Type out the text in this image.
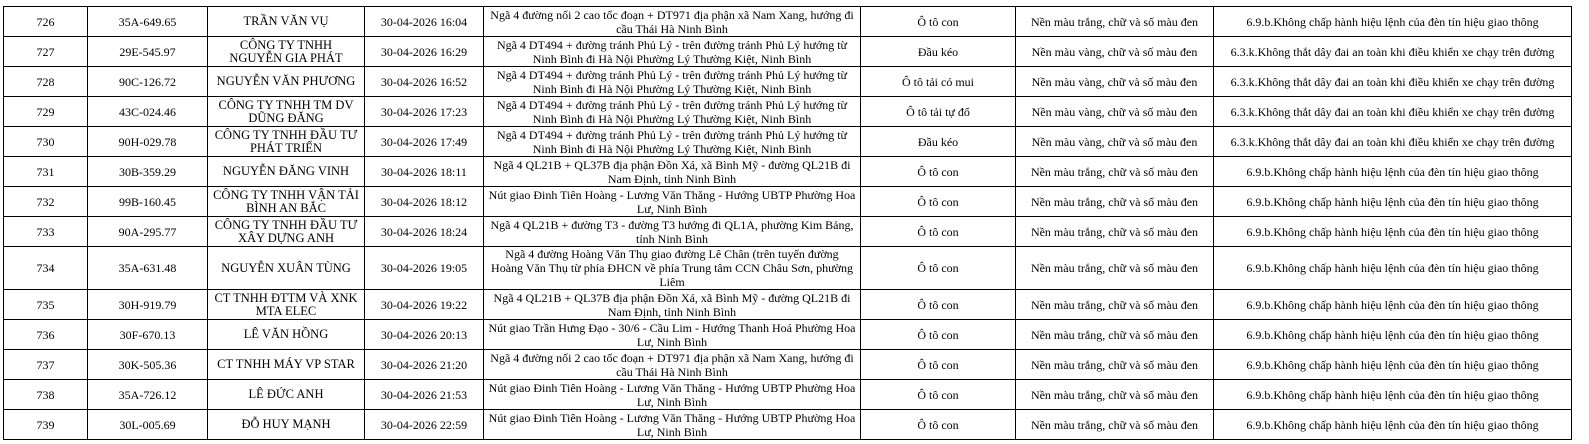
726	35A-649.65	TRẦN VĂN VỤ	30-04-2026 16:04	Ngã 4 đường nối 2 cao tốc đoạn + DT971 địa phận xã Nam Xang, hướng đi cầu Thái Hà Ninh Bình	Ô tô con	Nền màu trắng, chữ và số màu đen	6.9.b.Không chấp hành hiệu lệnh của đèn tín hiệu giao thông
727	29E-545.97	CÔNG TY TNHH NGUYỄN GIA PHÁT	30-04-2026 16:29	Ngã 4 DT494 + đường tránh Phủ Lý - trên đường tránh Phủ Lý hướng từ Ninh Bình đi Hà Nội Phường Lý Thường Kiệt, Ninh Bình	Đầu kéo	Nền màu vàng, chữ và số màu đen	6.3.k.Không thắt dây đai an toàn khi điều khiển xe chạy trên đường
728	90C-126.72	NGUYỄN VĂN PHƯƠNG	30-04-2026 16:52	Ngã 4 DT494 + đường tránh Phủ Lý - trên đường tránh Phủ Lý hướng từ Ninh Bình đi Hà Nội Phường Lý Thường Kiệt, Ninh Bình	Ô tô tải có mui	Nền màu vàng, chữ và số màu đen	6.3.k.Không thắt dây đai an toàn khi điều khiển xe chạy trên đường
729	43C-024.46	CÔNG TY TNHH TM DV DŨNG ĐĂNG	30-04-2026 17:23	Ngã 4 DT494 + đường tránh Phủ Lý - trên đường tránh Phủ Lý hướng từ Ninh Bình đi Hà Nội Phường Lý Thường Kiệt, Ninh Bình	Ô tô tải tự đổ	Nền màu vàng, chữ và số màu đen	6.3.k.Không thắt dây đai an toàn khi điều khiển xe chạy trên đường
730	90H-029.78	CÔNG TY TNHH ĐẦU TƯ PHÁT TRIỂN	30-04-2026 17:49	Ngã 4 DT494 + đường tránh Phủ Lý - trên đường tránh Phủ Lý hướng từ Ninh Bình đi Hà Nội Phường Lý Thường Kiệt, Ninh Bình	Đầu kéo	Nền màu vàng, chữ và số màu đen	6.3.k.Không thắt dây đai an toàn khi điều khiển xe chạy trên đường
731	30B-359.29	NGUYỄN ĐĂNG VINH	30-04-2026 18:11	Ngã 4 QL21B + QL37B địa phận Đồn Xá, xã Bình Mỹ - đường QL21B đi Nam Định, tỉnh Ninh Bình	Ô tô con	Nền màu trắng, chữ và số màu đen	6.9.b.Không chấp hành hiệu lệnh của đèn tín hiệu giao thông
732	99B-160.45	CÔNG TY TNHH VẬN TẢI BÌNH AN BẮC	30-04-2026 18:12	Nút giao Đinh Tiên Hoàng - Lương Văn Thăng - Hướng UBTP Phường Hoa Lư, Ninh Bình	Ô tô con	Nền màu trắng, chữ và số màu đen	6.9.b.Không chấp hành hiệu lệnh của đèn tín hiệu giao thông
733	90A-295.77	CÔNG TY TNHH ĐẦU TƯ XÂY DỰNG ANH	30-04-2026 18:24	Ngã 4 QL21B + đường T3 - đường T3 hướng đi QL1A, phường Kim Bảng, tỉnh Ninh Bình	Ô tô con	Nền màu trắng, chữ và số màu đen	6.9.b.Không chấp hành hiệu lệnh của đèn tín hiệu giao thông
734	35A-631.48	NGUYỄN XUÂN TÙNG	30-04-2026 19:05	Ngã 4 đường Hoàng Văn Thụ giao đường Lê Chân (trên tuyến đường Hoàng Văn Thụ từ phía ĐHCN về phía Trung tâm CCN Châu Sơn, phường Liêm	Ô tô con	Nền màu trắng, chữ và số màu đen	6.9.b.Không chấp hành hiệu lệnh của đèn tín hiệu giao thông
735	30H-919.79	CT TNHH ĐTTM VÀ XNK MTA ELEC	30-04-2026 19:22	Ngã 4 QL21B + QL37B địa phận Đồn Xá, xã Bình Mỹ - đường QL21B đi Nam Định, tỉnh Ninh Bình	Ô tô con	Nền màu trắng, chữ và số màu đen	6.9.b.Không chấp hành hiệu lệnh của đèn tín hiệu giao thông
736	30F-670.13	LÊ VĂN HỒNG	30-04-2026 20:13	Nút giao Trần Hưng Đạo - 30/6 - Cầu Lim - Hướng Thanh Hoá Phường Hoa Lư, Ninh Bình	Ô tô con	Nền màu trắng, chữ và số màu đen	6.9.b.Không chấp hành hiệu lệnh của đèn tín hiệu giao thông
737	30K-505.36	CT TNHH MÁY VP STAR	30-04-2026 21:20	Ngã 4 đường nối 2 cao tốc đoạn + DT971 địa phận xã Nam Xang, hướng đi cầu Thái Hà Ninh Bình	Ô tô con	Nền màu trắng, chữ và số màu đen	6.9.b.Không chấp hành hiệu lệnh của đèn tín hiệu giao thông
738	35A-726.12	LÊ ĐỨC ANH	30-04-2026 21:53	Nút giao Đinh Tiên Hoàng - Lương Văn Thăng - Hướng UBTP Phường Hoa Lư, Ninh Bình	Ô tô con	Nền màu trắng, chữ và số màu đen	6.9.b.Không chấp hành hiệu lệnh của đèn tín hiệu giao thông
739	30L-005.69	ĐỖ HUY MẠNH	30-04-2026 22:59	Nút giao Đinh Tiên Hoàng - Lương Văn Thăng - Hướng UBTP Phường Hoa Lư, Ninh Bình	Ô tô con	Nền màu trắng, chữ và số màu đen	6.9.b.Không chấp hành hiệu lệnh của đèn tín hiệu giao thông
